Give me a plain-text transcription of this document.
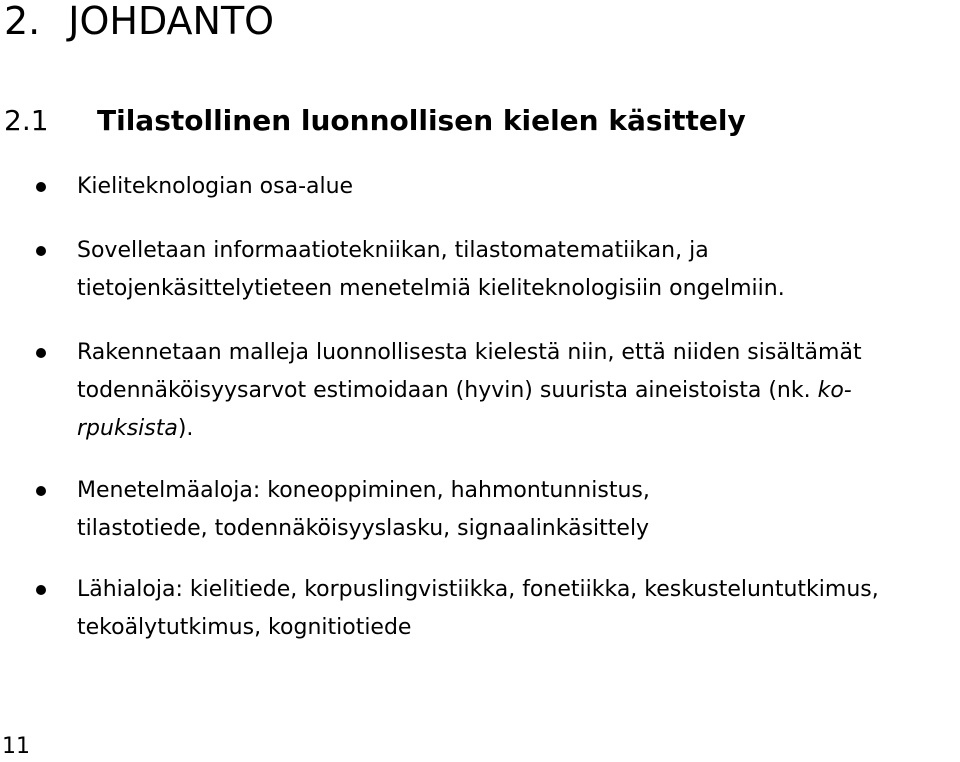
2. JOHDANTO
2.1 Tilastollinen luonnollisen kielen käsittely
Kieliteknologian osa-alue
Sovelletaan informaatiotekniikan, tilastomatematiikan, ja
tietojenkäsittelytieteen menetelmiä kieliteknologisiin ongelmiin.
Rakennetaan malleja luonnollisesta kielestä niin, että niiden sisältämät
todennäköisyysarvot estimoidaan (hyvin) suurista aineistoista (nk. ko-
rpuksista).
Menetelmäaloja: koneoppiminen, hahmontunnistus,
tilastotiede, todennäköisyyslasku, signaalinkäsittely
Lähialoja: kielitiede, korpuslingvistiikka, fonetiikka, keskusteluntutkimus,
tekoälytutkimus, kognitiotiede
11
